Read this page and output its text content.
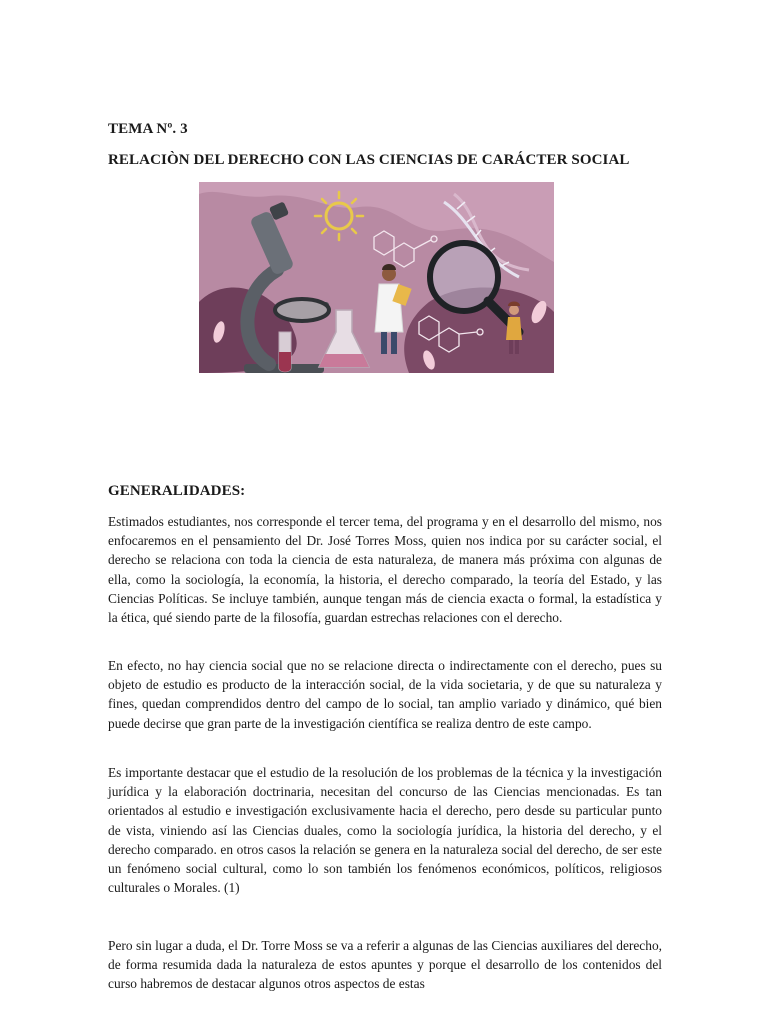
TEMA Nº. 3
RELACIÒN DEL DERECHO CON LAS CIENCIAS DE CARÁCTER SOCIAL
GENERALIDADES:

Estimados estudiantes, nos corresponde el tercer tema, del programa y en el desarrollo del mismo, nos enfocaremos en el pensamiento del Dr. José Torres Moss, quien nos indica por su carácter social, el derecho se relaciona con toda la ciencia de esta naturaleza, de manera más próxima con algunas de ella, como la sociología, la economía, la historia, el derecho comparado, la teoría del Estado, y las Ciencias Políticas. Se incluye también, aunque tengan más de ciencia exacta o formal, la estadística y la ética, qué siendo parte de la filosofía, guardan estrechas relaciones con el derecho.

En efecto, no hay ciencia social que no se relacione directa o indirectamente con el derecho, pues su objeto de estudio es producto de la interacción social, de la vida societaria, y de que su naturaleza y fines, quedan comprendidos dentro del campo de lo social, tan amplio variado y dinámico, qué bien puede decirse que gran parte de la investigación científica se realiza dentro de este campo.

Es importante destacar que el estudio de la resolución de los problemas de la técnica y la investigación jurídica y la elaboración doctrinaria, necesitan del concurso de las Ciencias mencionadas. Es tan orientados al estudio e investigación exclusivamente hacia el derecho, pero desde su particular punto de vista, viniendo así las Ciencias duales, como la sociología jurídica, la historia del derecho, y el derecho comparado. en otros casos la relación se genera en la naturaleza social del derecho, de ser este un fenómeno social cultural, como lo son también los fenómenos económicos, políticos, religiosos culturales o Morales. (1)

Pero sin lugar a duda, el Dr. Torre Moss se va a referir a algunas de las Ciencias auxiliares del derecho, de forma resumida dada la naturaleza de estos apuntes y porque el desarrollo de los contenidos del curso habremos de destacar algunos otros aspectos de estas
